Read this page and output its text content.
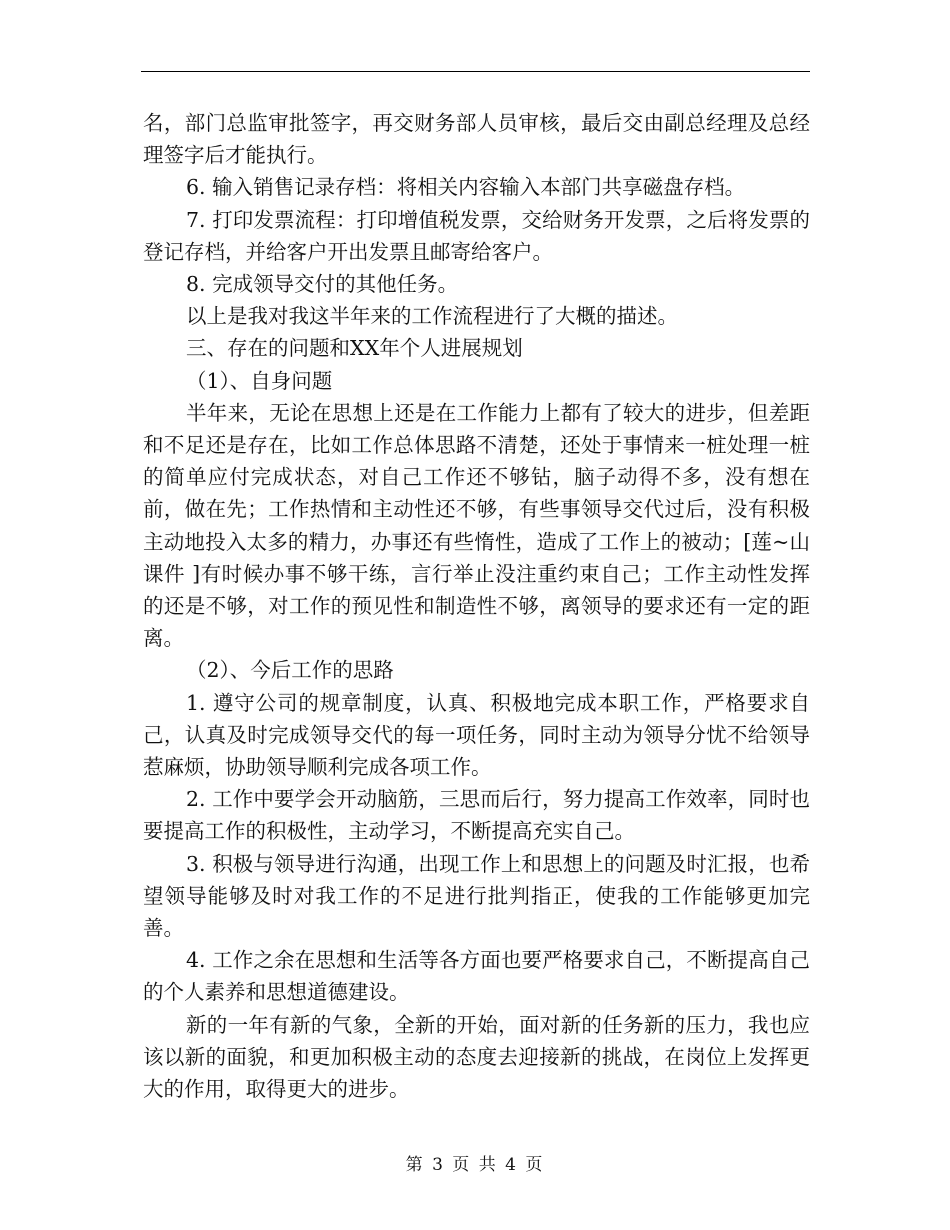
名，部门总监审批签字，再交财务部人员审核，最后交由副总经理及总经理签字后才能执行。

6. 输入销售记录存档：将相关内容输入本部门共享磁盘存档。

7. 打印发票流程：打印增值税发票，交给财务开发票，之后将发票的登记存档，并给客户开出发票且邮寄给客户。

8. 完成领导交付的其他任务。

以上是我对我这半年来的工作流程进行了大概的描述。

三、存在的问题和XX年个人进展规划

（1）、自身问题

半年来，无论在思想上还是在工作能力上都有了较大的进步，但差距和不足还是存在，比如工作总体思路不清楚，还处于事情来一桩处理一桩的简单应付完成状态，对自己工作还不够钻，脑子动得不多，没有想在前，做在先；工作热情和主动性还不够，有些事领导交代过后，没有积极主动地投入太多的精力，办事还有些惰性，造成了工作上的被动；[莲~山课件 ]有时候办事不够干练，言行举止没注重约束自己；工作主动性发挥的还是不够，对工作的预见性和制造性不够，离领导的要求还有一定的距离。

（2）、今后工作的思路

1. 遵守公司的规章制度，认真、积极地完成本职工作，严格要求自己，认真及时完成领导交代的每一项任务，同时主动为领导分忧不给领导惹麻烦，协助领导顺利完成各项工作。

2. 工作中要学会开动脑筋，三思而后行，努力提高工作效率，同时也要提高工作的积极性，主动学习，不断提高充实自己。

3. 积极与领导进行沟通，出现工作上和思想上的问题及时汇报，也希望领导能够及时对我工作的不足进行批判指正，使我的工作能够更加完善。

4. 工作之余在思想和生活等各方面也要严格要求自己，不断提高自己的个人素养和思想道德建设。

新的一年有新的气象，全新的开始，面对新的任务新的压力，我也应该以新的面貌，和更加积极主动的态度去迎接新的挑战，在岗位上发挥更大的作用，取得更大的进步。

第 3 页 共 4 页
